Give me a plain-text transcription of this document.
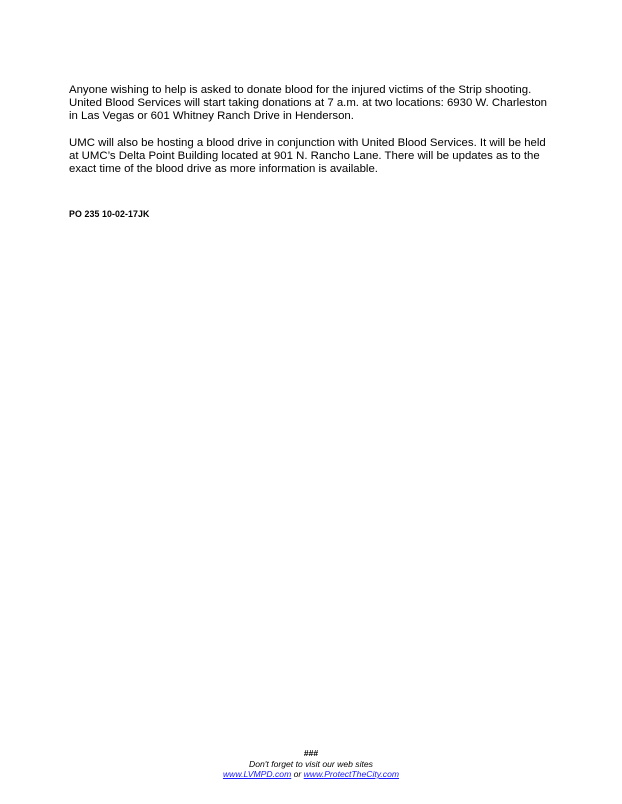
Anyone wishing to help is asked to donate blood for the injured victims of the Strip shooting.
United Blood Services will start taking donations at 7 a.m. at two locations: 6930 W. Charleston
in Las Vegas or 601 Whitney Ranch Drive in Henderson.

UMC will also be hosting a blood drive in conjunction with United Blood Services. It will be held
at UMC’s Delta Point Building located at 901 N. Rancho Lane. There will be updates as to the
exact time of the blood drive as more information is available.

PO 235 10-02-17JK
###
Don't forget to visit our web sites
www.LVMPD.com or www.ProtectTheCity.com
